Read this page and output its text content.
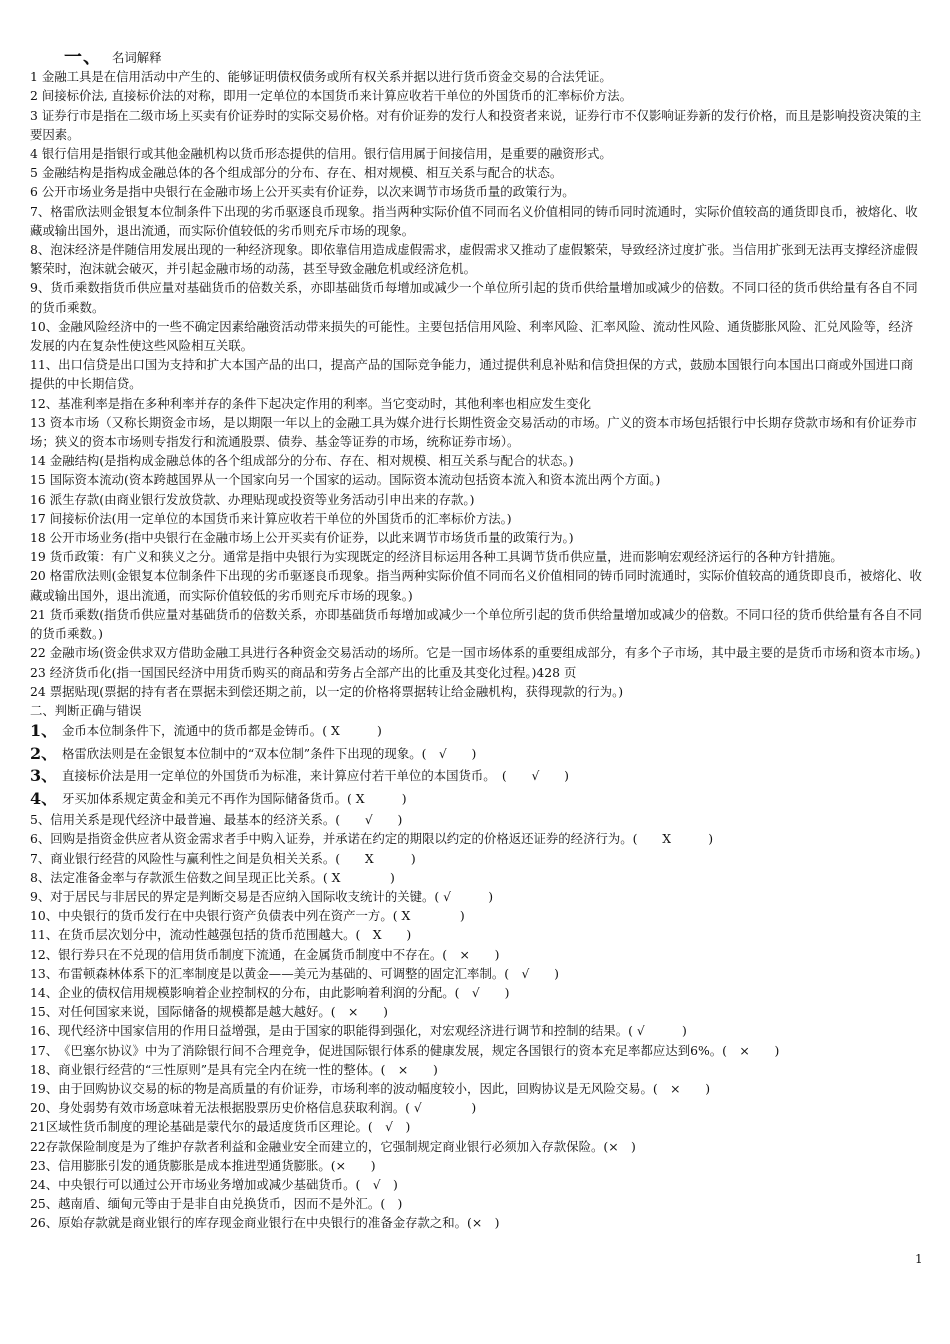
一、 名词解释
1 金融工具是在信用活动中产生的、能够证明债权债务或所有权关系并据以进行货币资金交易的合法凭证。
2 间接标价法, 直接标价法的对称，即用一定单位的本国货币来计算应收若干单位的外国货币的汇率标价方法。
3 证券行市是指在二级市场上买卖有价证券时的实际交易价格。对有价证券的发行人和投资者来说，证券行市不仅影响证券新的发行价格，而且是影响投资决策的主要因素。
4 银行信用是指银行或其他金融机构以货币形态提供的信用。银行信用属于间接信用，是重要的融资形式。
5 金融结构是指构成金融总体的各个组成部分的分布、存在、相对规模、相互关系与配合的状态。
6 公开市场业务是指中央银行在金融市场上公开买卖有价证券，以次来调节市场货币量的政策行为。
7、格雷欣法则金银复本位制条件下出现的劣币驱逐良币现象。指当两种实际价值不同而名义价值相同的铸币同时流通时，实际价值较高的通货即良币，被熔化、收藏或输出国外，退出流通，而实际价值较低的劣币则充斥市场的现象。
8、泡沫经济是伴随信用发展出现的一种经济现象。即依靠信用造成虚假需求，虚假需求又推动了虚假繁荣，导致经济过度扩张。当信用扩张到无法再支撑经济虚假繁荣时，泡沫就会破灭，并引起金融市场的动荡，甚至导致金融危机或经济危机。
9、货币乘数指货币供应量对基础货币的倍数关系，亦即基础货币每增加或减少一个单位所引起的货币供给量增加或减少的倍数。不同口径的货币供给量有各自不同的货币乘数。
10、金融风险经济中的一些不确定因素给融资活动带来损失的可能性。主要包括信用风险、利率风险、汇率风险、流动性风险、通货膨胀风险、汇兑风险等，经济发展的内在复杂性使这些风险相互关联。
11、出口信贷是出口国为支持和扩大本国产品的出口，提高产品的国际竞争能力，通过提供利息补贴和信贷担保的方式，鼓励本国银行向本国出口商或外国进口商提供的中长期信贷。
12、基准利率是指在多种利率并存的条件下起决定作用的利率。当它变动时，其他利率也相应发生变化
13 资本市场（又称长期资金市场，是以期限一年以上的金融工具为媒介进行长期性资金交易活动的市场。广义的资本市场包括银行中长期存贷款市场和有价证券市场；狭义的资本市场则专指发行和流通股票、债券、基金等证券的市场，统称证券市场）。
14 金融结构(是指构成金融总体的各个组成部分的分布、存在、相对规模、相互关系与配合的状态。)
15 国际资本流动(资本跨越国界从一个国家向另一个国家的运动。国际资本流动包括资本流入和资本流出两个方面。)
16 派生存款(由商业银行发放贷款、办理贴现或投资等业务活动引申出来的存款。)
17 间接标价法(用一定单位的本国货币来计算应收若干单位的外国货币的汇率标价方法。)
18 公开市场业务(指中央银行在金融市场上公开买卖有价证券，以此来调节市场货币量的政策行为。)
19 货币政策：有广义和狭义之分。通常是指中央银行为实现既定的经济目标运用各种工具调节货币供应量，进而影响宏观经济运行的各种方针措施。
20 格雷欣法则(金银复本位制条件下出现的劣币驱逐良币现象。指当两种实际价值不同而名义价值相同的铸币同时流通时，实际价值较高的通货即良币，被熔化、收藏或输出国外，退出流通，而实际价值较低的劣币则充斥市场的现象。)
21 货币乘数(指货币供应量对基础货币的倍数关系，亦即基础货币每增加或减少一个单位所引起的货币供给量增加或减少的倍数。不同口径的货币供给量有各自不同的货币乘数。)
22 金融市场(资金供求双方借助金融工具进行各种资金交易活动的场所。它是一国市场体系的重要组成部分，有多个子市场，其中最主要的是货币市场和资本市场。)
23 经济货币化(指一国国民经济中用货币购买的商品和劳务占全部产出的比重及其变化过程。)428 页
24 票据贴现(票据的持有者在票据未到偿还期之前，以一定的价格将票据转让给金融机构，获得现款的行为。)
二、判断正确与错误
1、 金币本位制条件下，流通中的货币都是金铸币。( X　　　)
2、 格雷欣法则是在金银复本位制中的“双本位制”条件下出现的现象。(　√　　)
3、 直接标价法是用一定单位的外国货币为标准，来计算应付若干单位的本国货币。　(　　√　　)
4、 牙买加体系规定黄金和美元不再作为国际储备货币。( X　　　)
5、信用关系是现代经济中最普遍、最基本的经济关系。(　　√　　)
6、回购是指资金供应者从资金需求者手中购入证券，并承诺在约定的期限以约定的价格返还证券的经济行为。(　　X　　　)
7、商业银行经营的风险性与赢利性之间是负相关关系。(　　X　　　)
8、法定准备金率与存款派生倍数之间呈现正比关系。( X　　　　)
9、对于居民与非居民的界定是判断交易是否应纳入国际收支统计的关键。( √　　　)
10、中央银行的货币发行在中央银行资产负债表中列在资产一方。( X　　　　)
11、在货币层次划分中，流动性越强包括的货币范围越大。(　X　　)
12、银行券只在不兑现的信用货币制度下流通，在金属货币制度中不存在。(　×　　)
13、布雷顿森林体系下的汇率制度是以黄金——美元为基础的、可调整的固定汇率制。(　√　　)
14、企业的债权信用规模影响着企业控制权的分布，由此影响着利润的分配。(　√　　)
15、对任何国家来说，国际储备的规模都是越大越好。(　×　　)
16、现代经济中国家信用的作用日益增强，是由于国家的职能得到强化，对宏观经济进行调节和控制的结果。( √　　　)
17、《巴塞尔协议》中为了消除银行间不合理竞争，促进国际银行体系的健康发展，规定各国银行的资本充足率都应达到6%。(　×　　)
18、商业银行经营的“三性原则”是具有完全内在统一性的整体。(　×　　)
19、由于回购协议交易的标的物是高质量的有价证券，市场利率的波动幅度较小，因此，回购协议是无风险交易。(　×　　)
20、身处弱势有效市场意味着无法根据股票历史价格信息获取利润。( √　　　　)
21区域性货币制度的理论基础是蒙代尔的最适度货币区理论。(　√　)
22存款保险制度是为了维护存款者利益和金融业安全而建立的，它强制规定商业银行必须加入存款保险。(×　)
23、信用膨胀引发的通货膨胀是成本推进型通货膨胀。(×　　)
24、中央银行可以通过公开市场业务增加或减少基础货币。(　√　)
25、越南盾、缅甸元等由于是非自由兑换货币，因而不是外汇。(　)
26、原始存款就是商业银行的库存现金商业银行在中央银行的准备金存款之和。(×　)
1
